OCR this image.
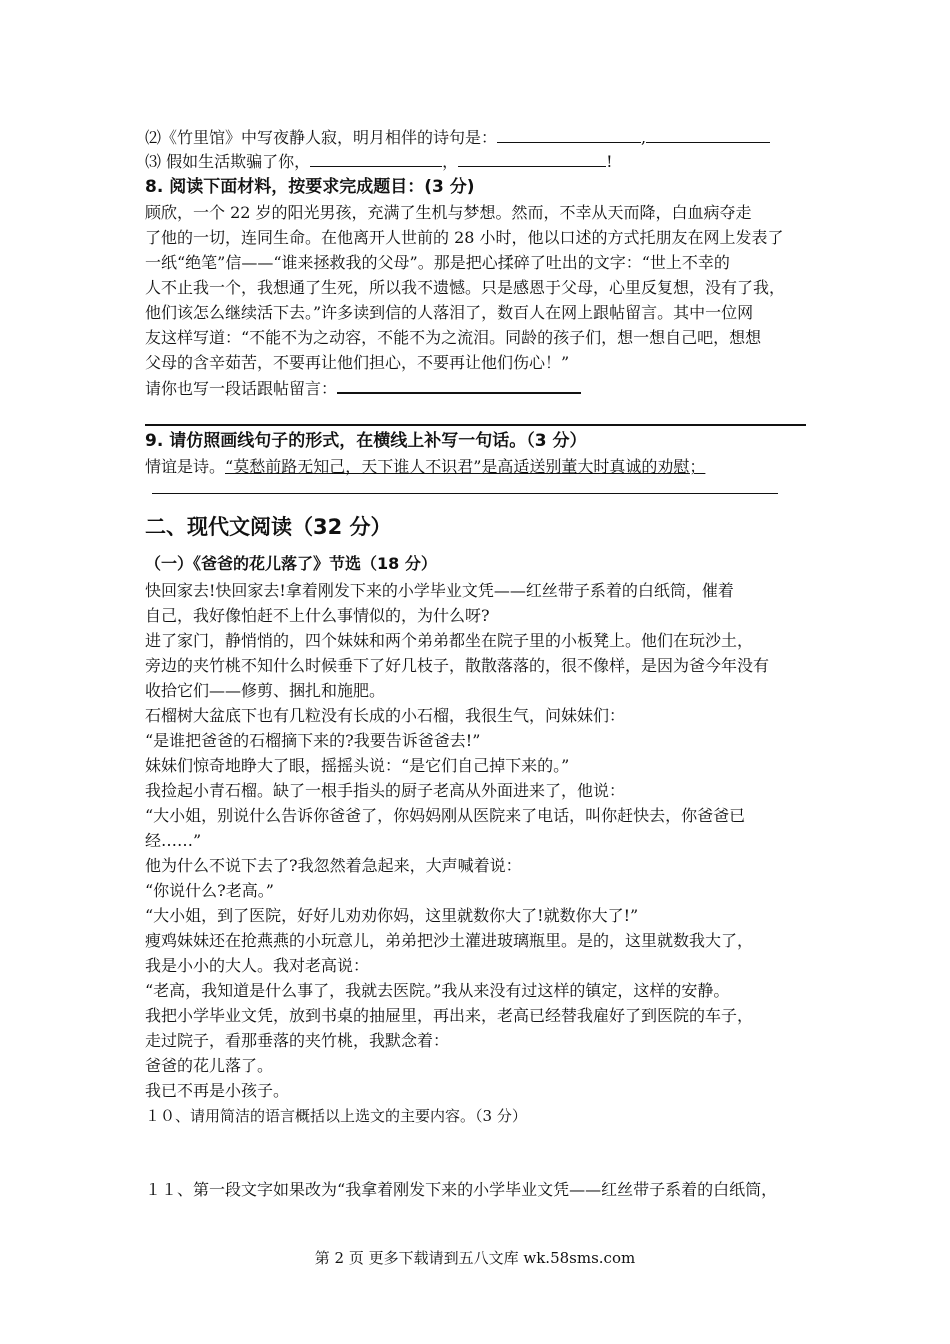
⑵《竹里馆》中写夜静人寂，明月相伴的诗句是：	,
⑶ 假如生活欺骗了你，	，	!
8. 阅读下面材料，按要求完成题目：(3 分)
顾欣，一个 22 岁的阳光男孩，充满了生机与梦想。然而，不幸从天而降，白血病夺走
了他的一切，连同生命。在他离开人世前的 28 小时，他以口述的方式托朋友在网上发表了
一纸“绝笔”信——“谁来拯救我的父母”。那是把心揉碎了吐出的文字：“世上不幸的
人不止我一个，我想通了生死，所以我不遗憾。只是感恩于父母，心里反复想，没有了我，
他们该怎么继续活下去。”许多读到信的人落泪了，数百人在网上跟帖留言。其中一位网
友这样写道：“不能不为之动容，不能不为之流泪。同龄的孩子们，想一想自己吧，想想
父母的含辛茹苦，不要再让他们担心，不要再让他们伤心！”
请你也写一段话跟帖留言：
9. 请仿照画线句子的形式，在横线上补写一句话。（3 分）
情谊是诗。“莫愁前路无知己，天下谁人不识君”是高适送别董大时真诚的劝慰；
二、现代文阅读（32 分）
（一）《爸爸的花儿落了》节选（18 分）
快回家去!快回家去!拿着刚发下来的小学毕业文凭——红丝带子系着的白纸筒，催着
自己，我好像怕赶不上什么事情似的，为什么呀?
进了家门，静悄悄的，四个妹妹和两个弟弟都坐在院子里的小板凳上。他们在玩沙土，
旁边的夹竹桃不知什么时候垂下了好几枝子，散散落落的，很不像样，是因为爸今年没有
收拾它们——修剪、捆扎和施肥。
石榴树大盆底下也有几粒没有长成的小石榴，我很生气，问妹妹们：
“是谁把爸爸的石榴摘下来的?我要告诉爸爸去!”
妹妹们惊奇地睁大了眼，摇摇头说：“是它们自己掉下来的。”
我捡起小青石榴。缺了一根手指头的厨子老高从外面进来了，他说：
“大小姐，别说什么告诉你爸爸了，你妈妈刚从医院来了电话，叫你赶快去，你爸爸已
经……”
他为什么不说下去了?我忽然着急起来，大声喊着说：
“你说什么?老高。”
“大小姐，到了医院，好好儿劝劝你妈，这里就数你大了!就数你大了!”
瘦鸡妹妹还在抢燕燕的小玩意儿，弟弟把沙土灌进玻璃瓶里。是的，这里就数我大了，
我是小小的大人。我对老高说：
“老高，我知道是什么事了，我就去医院。”我从来没有过这样的镇定，这样的安静。
我把小学毕业文凭，放到书桌的抽屉里，再出来，老高已经替我雇好了到医院的车子，
走过院子，看那垂落的夹竹桃，我默念着：
爸爸的花儿落了。
我已不再是小孩子。
１０、请用简洁的语言概括以上选文的主要内容。（3 分）
１１、第一段文字如果改为“我拿着刚发下来的小学毕业文凭——红丝带子系着的白纸筒，
第 2 页 更多下载请到五八文库 wk.58sms.com
